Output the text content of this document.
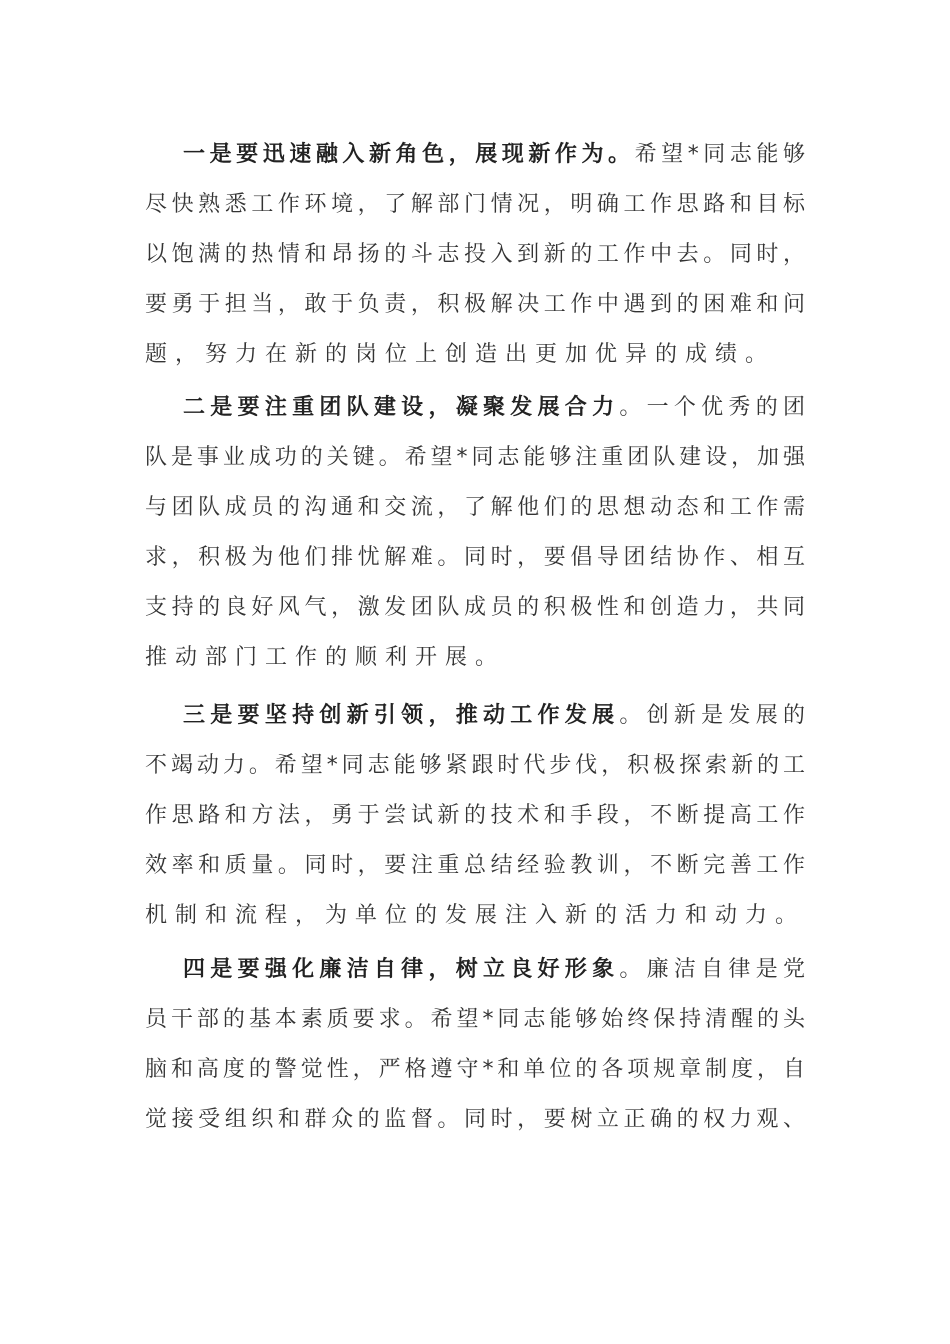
一是要迅速融入新角色，展现新作为。希望*同志能够
尽快熟悉工作环境，了解部门情况，明确工作思路和目标
以饱满的热情和昂扬的斗志投入到新的工作中去。同时，
要勇于担当，敢于负责，积极解决工作中遇到的困难和问
题，努力在新的岗位上创造出更加优异的成绩。
二是要注重团队建设，凝聚发展合力。一个优秀的团
队是事业成功的关键。希望*同志能够注重团队建设，加强
与团队成员的沟通和交流，了解他们的思想动态和工作需
求，积极为他们排忧解难。同时，要倡导团结协作、相互
支持的良好风气，激发团队成员的积极性和创造力，共同
推动部门工作的顺利开展。
三是要坚持创新引领，推动工作发展。创新是发展的
不竭动力。希望*同志能够紧跟时代步伐，积极探索新的工
作思路和方法，勇于尝试新的技术和手段，不断提高工作
效率和质量。同时，要注重总结经验教训，不断完善工作
机制和流程，为单位的发展注入新的活力和动力。
四是要强化廉洁自律，树立良好形象。廉洁自律是党
员干部的基本素质要求。希望*同志能够始终保持清醒的头
脑和高度的警觉性，严格遵守*和单位的各项规章制度，自
觉接受组织和群众的监督。同时，要树立正确的权力观、
